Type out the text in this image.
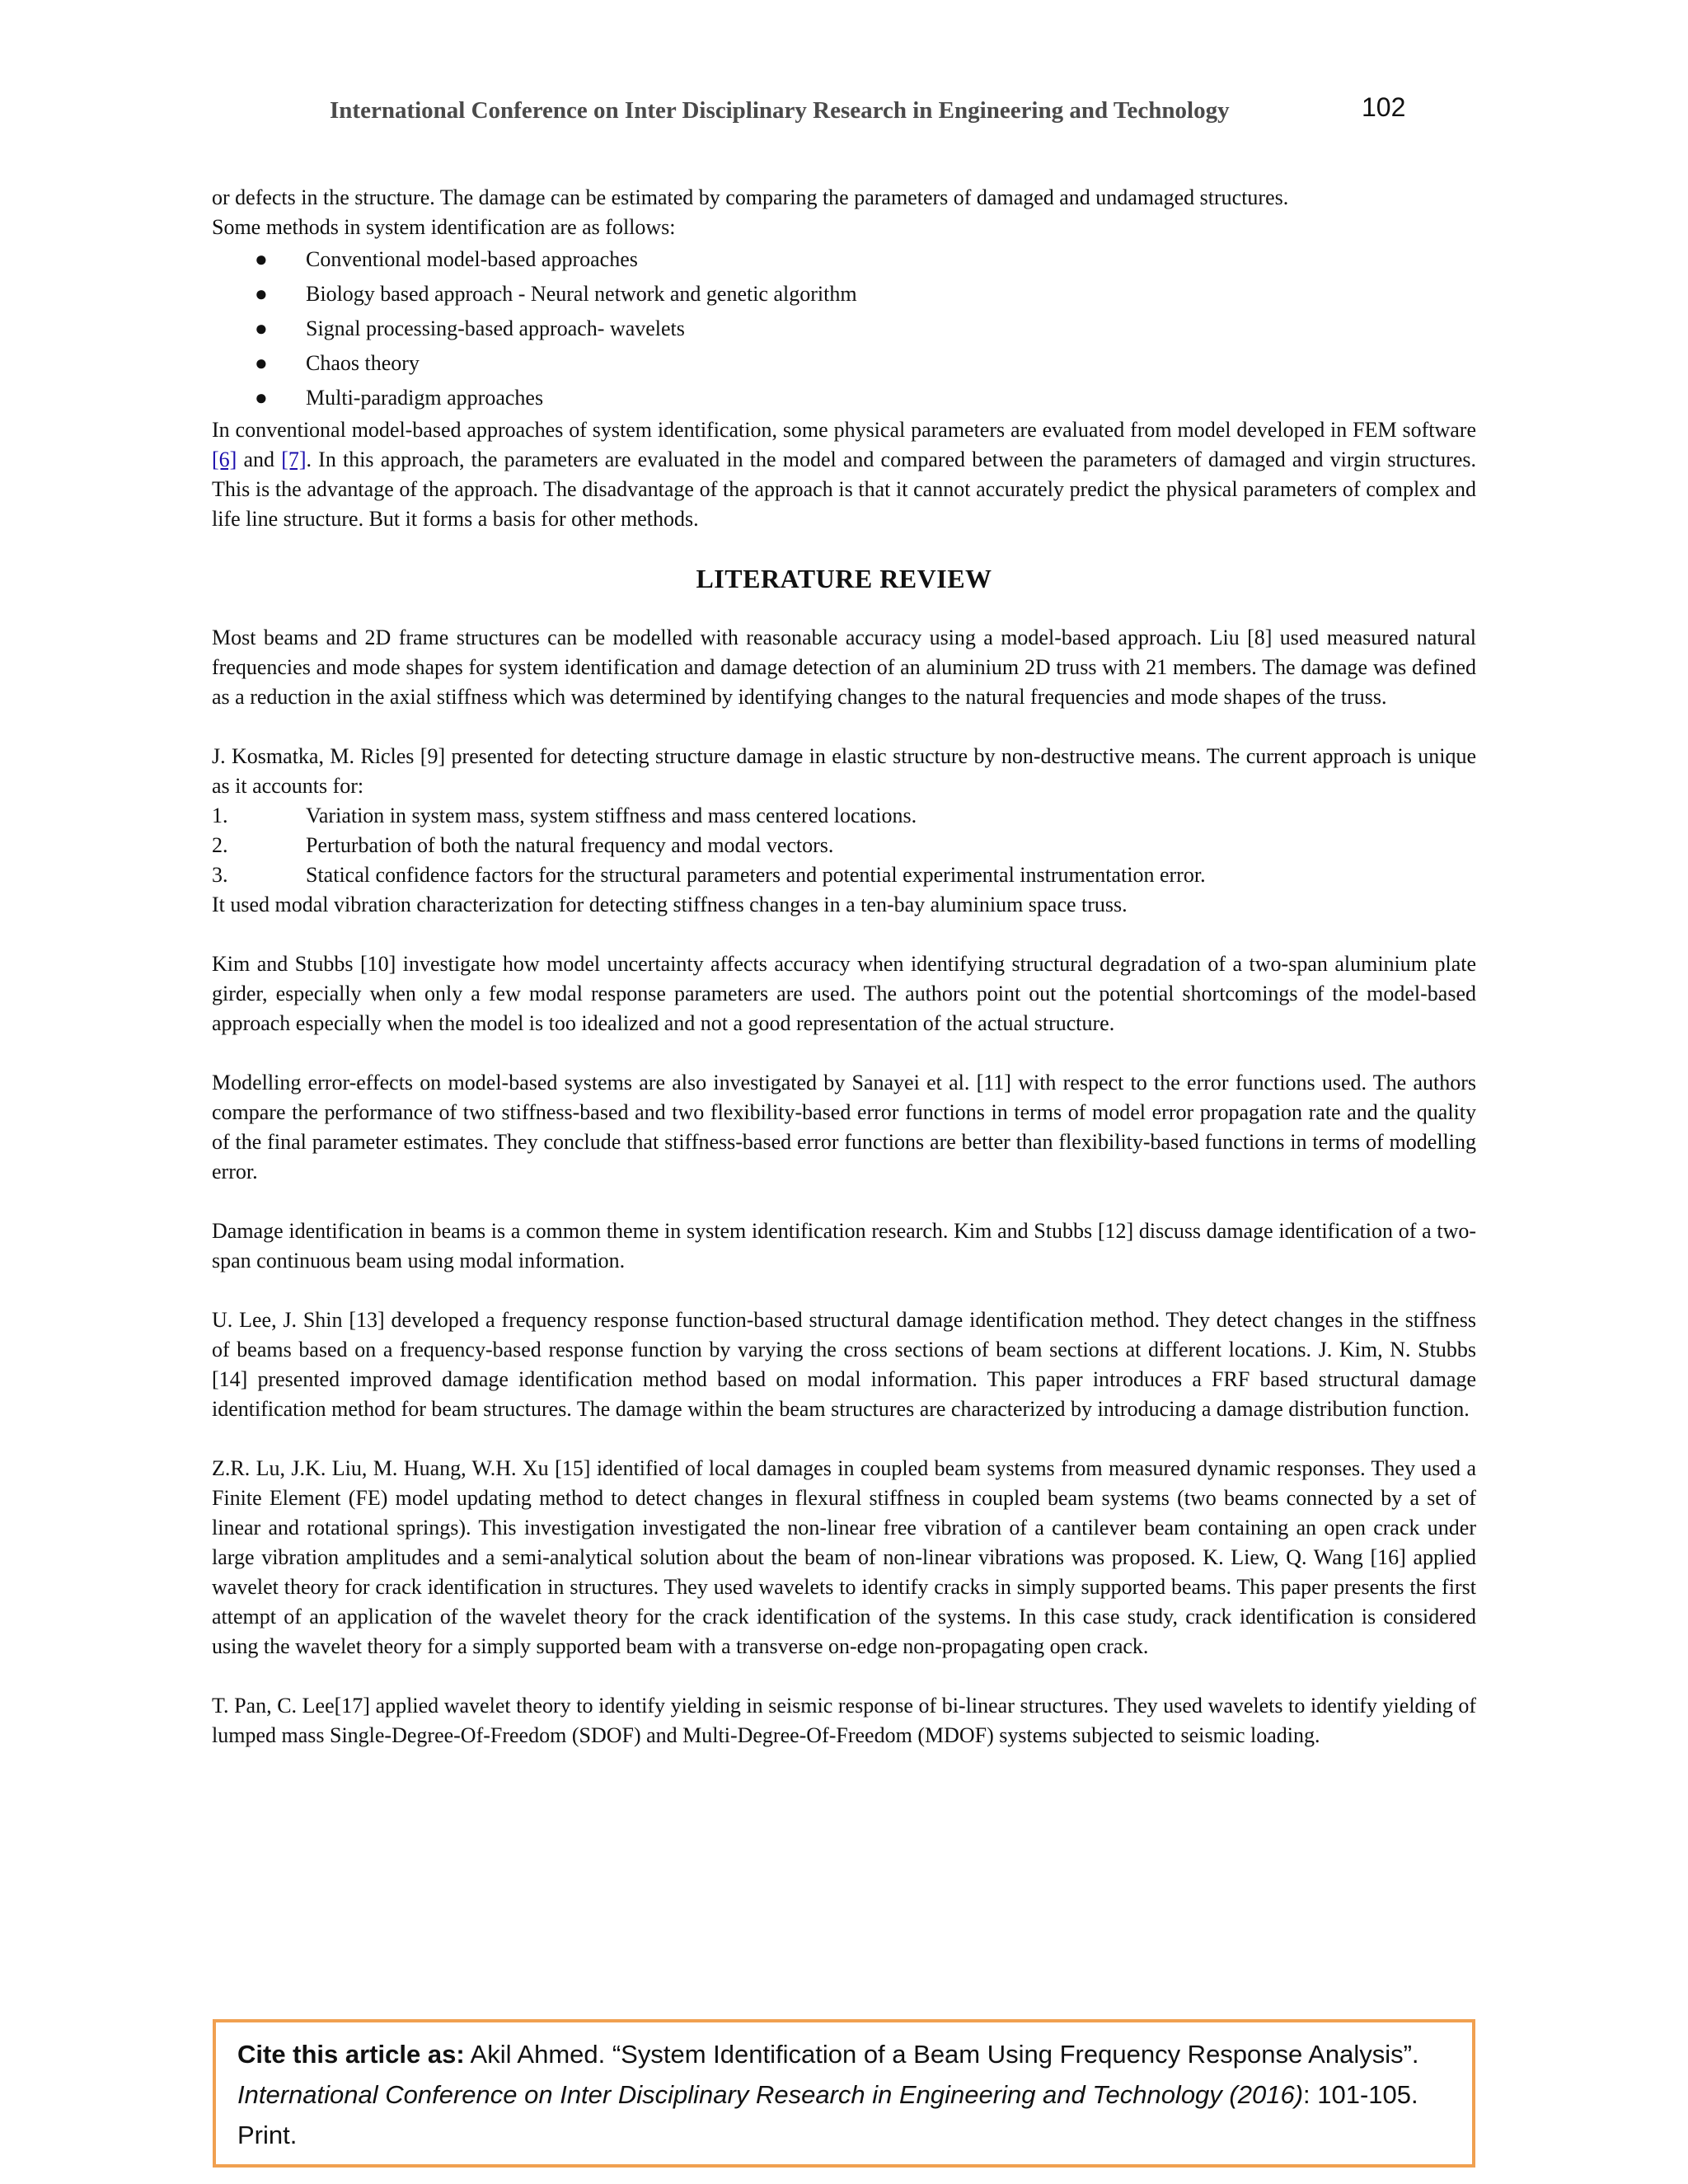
International Conference on Inter Disciplinary Research in Engineering and Technology	102

or defects in the structure. The damage can be estimated by comparing the parameters of damaged and undamaged structures.

Some methods in system identification are as follows:

● Conventional model-based approaches
● Biology based approach - Neural network and genetic algorithm
● Signal processing-based approach- wavelets
● Chaos theory
● Multi-paradigm approaches

In conventional model-based approaches of system identification, some physical parameters are evaluated from model developed in FEM software [6] and [7]. In this approach, the parameters are evaluated in the model and compared between the parameters of damaged and virgin structures. This is the advantage of the approach. The disadvantage of the approach is that it cannot accurately predict the physical parameters of complex and life line structure. But it forms a basis for other methods.

LITERATURE REVIEW

Most beams and 2D frame structures can be modelled with reasonable accuracy using a model-based approach. Liu [8] used measured natural frequencies and mode shapes for system identification and damage detection of an aluminium 2D truss with 21 members. The damage was defined as a reduction in the axial stiffness which was determined by identifying changes to the natural frequencies and mode shapes of the truss.

J. Kosmatka, M. Ricles [9] presented for detecting structure damage in elastic structure by non-destructive means. The current approach is unique as it accounts for:

1.	Variation in system mass, system stiffness and mass centered locations.
2.	Perturbation of both the natural frequency and modal vectors.
3.	Statical confidence factors for the structural parameters and potential experimental instrumentation error.

It used modal vibration characterization for detecting stiffness changes in a ten-bay aluminium space truss.

Kim and Stubbs [10] investigate how model uncertainty affects accuracy when identifying structural degradation of a two-span aluminium plate girder, especially when only a few modal response parameters are used. The authors point out the potential shortcomings of the model-based approach especially when the model is too idealized and not a good representation of the actual structure.

Modelling error-effects on model-based systems are also investigated by Sanayei et al. [11] with respect to the error functions used. The authors compare the performance of two stiffness-based and two flexibility-based error functions in terms of model error propagation rate and the quality of the final parameter estimates. They conclude that stiffness-based error functions are better than flexibility-based functions in terms of modelling error.

Damage identification in beams is a common theme in system identification research. Kim and Stubbs [12] discuss damage identification of a two-span continuous beam using modal information.

U. Lee, J. Shin [13] developed a frequency response function-based structural damage identification method. They detect changes in the stiffness of beams based on a frequency-based response function by varying the cross sections of beam sections at different locations. J. Kim, N. Stubbs [14] presented improved damage identification method based on modal information. This paper introduces a FRF based structural damage identification method for beam structures. The damage within the beam structures are characterized by introducing a damage distribution function.

Z.R. Lu, J.K. Liu, M. Huang, W.H. Xu [15] identified of local damages in coupled beam systems from measured dynamic responses. They used a Finite Element (FE) model updating method to detect changes in flexural stiffness in coupled beam systems (two beams connected by a set of linear and rotational springs). This investigation investigated the non-linear free vibration of a cantilever beam containing an open crack under large vibration amplitudes and a semi-analytical solution about the beam of non-linear vibrations was proposed. K. Liew, Q. Wang [16] applied wavelet theory for crack identification in structures. They used wavelets to identify cracks in simply supported beams. This paper presents the first attempt of an application of the wavelet theory for the crack identification of the systems. In this case study, crack identification is considered using the wavelet theory for a simply supported beam with a transverse on-edge non-propagating open crack.

T. Pan, C. Lee[17] applied wavelet theory to identify yielding in seismic response of bi-linear structures. They used wavelets to identify yielding of lumped mass Single-Degree-Of-Freedom (SDOF) and Multi-Degree-Of-Freedom (MDOF) systems subjected to seismic loading.

Cite this article as: Akil Ahmed. “System Identification of a Beam Using Frequency Response Analysis”.
International Conference on Inter Disciplinary Research in Engineering and Technology (2016): 101-105.
Print.
